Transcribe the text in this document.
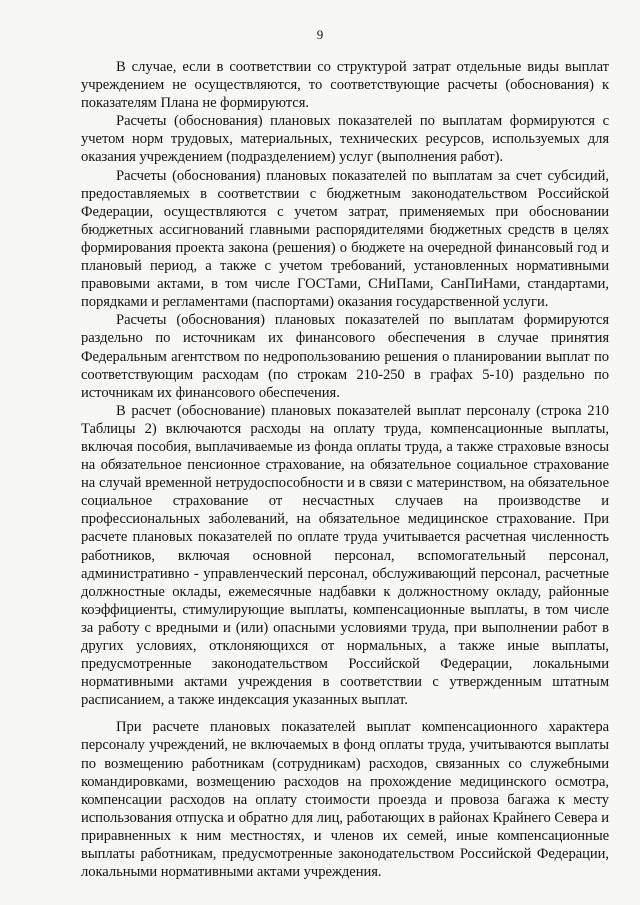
9

В случае, если в соответствии со структурой затрат отдельные виды выплат учреждением не осуществляются, то соответствующие расчеты (обоснования) к показателям Плана не формируются.

Расчеты (обоснования) плановых показателей по выплатам формируются с учетом норм трудовых, материальных, технических ресурсов, используемых для оказания учреждением (подразделением) услуг (выполнения работ).

Расчеты (обоснования) плановых показателей по выплатам за счет субсидий, предоставляемых в соответствии с бюджетным законодательством Российской Федерации, осуществляются с учетом затрат, применяемых при обосновании бюджетных ассигнований главными распорядителями бюджетных средств в целях формирования проекта закона (решения) о бюджете на очередной финансовый год и плановый период, а также с учетом требований, установленных нормативными правовыми актами, в том числе ГОСТами, СНиПами, СанПиНами, стандартами, порядками и регламентами (паспортами) оказания государственной услуги.

Расчеты (обоснования) плановых показателей по выплатам формируются раздельно по источникам их финансового обеспечения в случае принятия Федеральным агентством по недропользованию решения о планировании выплат по соответствующим расходам (по строкам 210-250 в графах 5-10) раздельно по источникам их финансового обеспечения.

В расчет (обоснование) плановых показателей выплат персоналу (строка 210 Таблицы 2) включаются расходы на оплату труда, компенсационные выплаты, включая пособия, выплачиваемые из фонда оплаты труда, а также страховые взносы на обязательное пенсионное страхование, на обязательное социальное страхование на случай временной нетрудоспособности и в связи с материнством, на обязательное социальное страхование от несчастных случаев на производстве и профессиональных заболеваний, на обязательное медицинское страхование. При расчете плановых показателей по оплате труда учитывается расчетная численность работников, включая основной персонал, вспомогательный персонал, административно - управленческий персонал, обслуживающий персонал, расчетные должностные оклады, ежемесячные надбавки к должностному окладу, районные коэффициенты, стимулирующие выплаты, компенсационные выплаты, в том числе за работу с вредными и (или) опасными условиями труда, при выполнении работ в других условиях, отклоняющихся от нормальных, а также иные выплаты, предусмотренные законодательством Российской Федерации, локальными нормативными актами учреждения в соответствии с утвержденным штатным расписанием, а также индексация указанных выплат.

При расчете плановых показателей выплат компенсационного характера персоналу учреждений, не включаемых в фонд оплаты труда, учитываются выплаты по возмещению работникам (сотрудникам) расходов, связанных со служебными командировками, возмещению расходов на прохождение медицинского осмотра, компенсации расходов на оплату стоимости проезда и провоза багажа к месту использования отпуска и обратно для лиц, работающих в районах Крайнего Севера и приравненных к ним местностях, и членов их семей, иные компенсационные выплаты работникам, предусмотренные законодательством Российской Федерации, локальными нормативными актами учреждения.
